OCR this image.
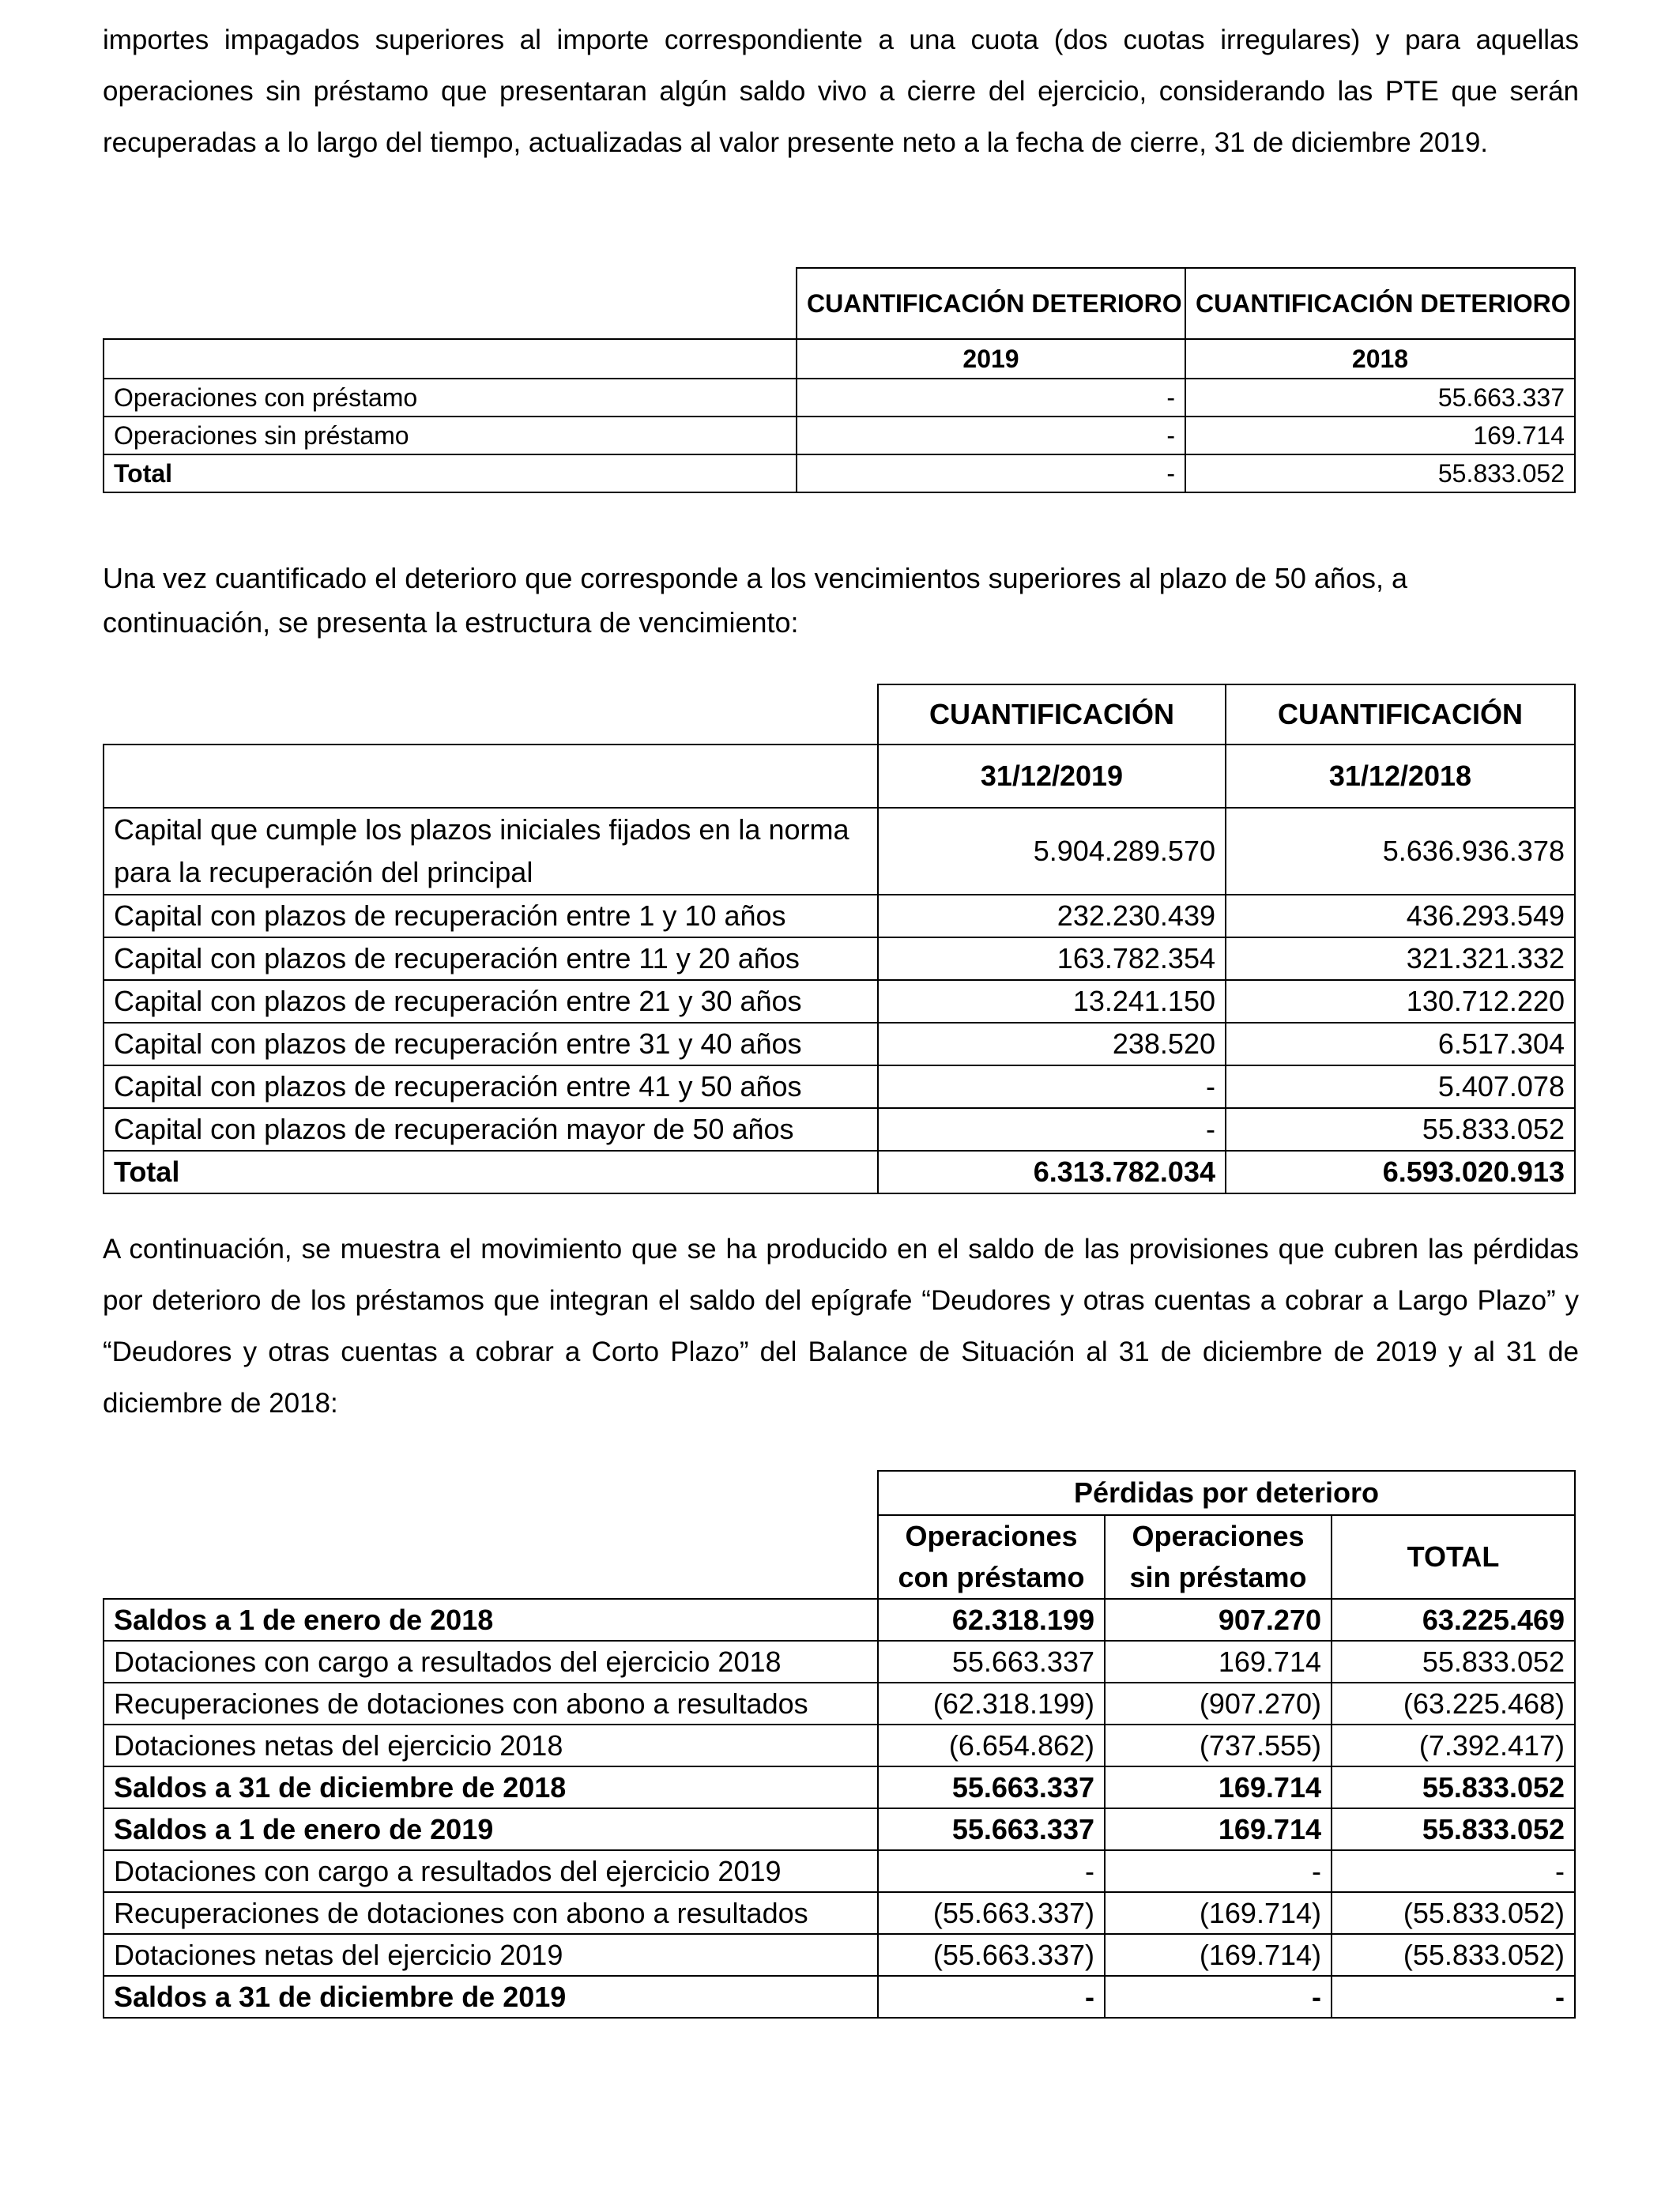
importes impagados superiores al importe correspondiente a una cuota (dos cuotas irregulares) y para aquellas operaciones sin préstamo que presentaran algún saldo vivo a cierre del ejercicio, considerando las PTE que serán recuperadas a lo largo del tiempo, actualizadas al valor presente neto a la fecha de cierre, 31 de diciembre 2019.

	CUANTIFICACIÓN DETERIORO	CUANTIFICACIÓN DETERIORO
	2019	2018
Operaciones con préstamo	-	55.663.337
Operaciones sin préstamo	-	169.714
Total	-	55.833.052

Una vez cuantificado el deterioro que corresponde a los vencimientos superiores al plazo de 50 años, a continuación, se presenta la estructura de vencimiento:

	CUANTIFICACIÓN	CUANTIFICACIÓN
	31/12/2019	31/12/2018
Capital que cumple los plazos iniciales fijados en la norma para la recuperación del principal	5.904.289.570	5.636.936.378
Capital con plazos de recuperación entre 1 y 10 años	232.230.439	436.293.549
Capital con plazos de recuperación entre 11 y 20 años	163.782.354	321.321.332
Capital con plazos de recuperación entre 21 y 30 años	13.241.150	130.712.220
Capital con plazos de recuperación entre 31 y 40 años	238.520	6.517.304
Capital con plazos de recuperación entre 41 y 50 años	-	5.407.078
Capital con plazos de recuperación mayor de 50 años	-	55.833.052
Total	6.313.782.034	6.593.020.913

A continuación, se muestra el movimiento que se ha producido en el saldo de las provisiones que cubren las pérdidas por deterioro de los préstamos que integran el saldo del epígrafe “Deudores y otras cuentas a cobrar a Largo Plazo” y “Deudores y otras cuentas a cobrar a Corto Plazo” del Balance de Situación al 31 de diciembre de 2019 y al 31 de diciembre de 2018:

	Pérdidas por deterioro		
	Operaciones con préstamo	Operaciones sin préstamo	TOTAL
Saldos a 1 de enero de 2018	62.318.199	907.270	63.225.469
Dotaciones con cargo a resultados del ejercicio 2018	55.663.337	169.714	55.833.052
Recuperaciones de dotaciones con abono a resultados	(62.318.199)	(907.270)	(63.225.468)
Dotaciones netas del ejercicio 2018	(6.654.862)	(737.555)	(7.392.417)
Saldos a 31 de diciembre de 2018	55.663.337	169.714	55.833.052
Saldos a 1 de enero de 2019	55.663.337	169.714	55.833.052
Dotaciones con cargo a resultados del ejercicio 2019	-	-	-
Recuperaciones de dotaciones con abono a resultados	(55.663.337)	(169.714)	(55.833.052)
Dotaciones netas del ejercicio 2019	(55.663.337)	(169.714)	(55.833.052)
Saldos a 31 de diciembre de 2019	-	-	-
